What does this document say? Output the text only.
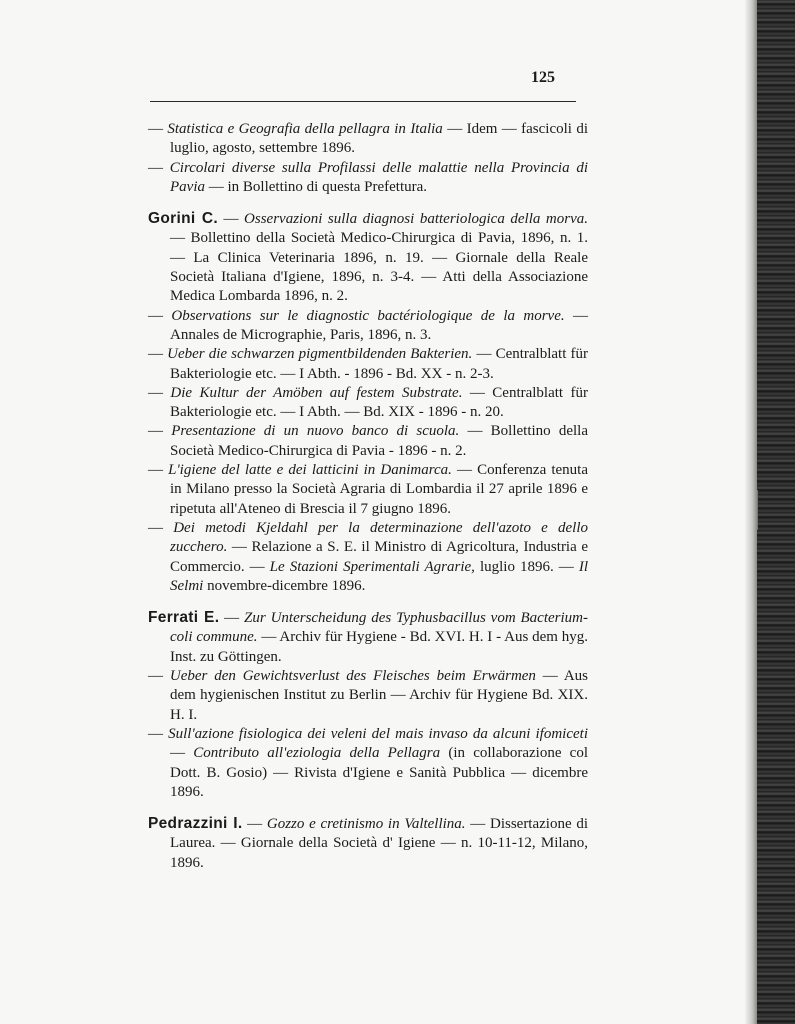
125

— Statistica e Geografia della pellagra in Italia — Idem — fascicoli di luglio, agosto, settembre 1896.

— Circolari diverse sulla Profilassi delle malattie nella Provincia di Pavia — in Bollettino di questa Prefettura.

Gorini C. — Osservazioni sulla diagnosi batteriologica della morva. — Bollettino della Società Medico-Chirurgica di Pavia, 1896, n. 1. — La Clinica Veterinaria 1896, n. 19. — Giornale della Reale Società Italiana d'Igiene, 1896, n. 3-4. — Atti della Associazione Medica Lombarda 1896, n. 2.

— Observations sur le diagnostic bactériologique de la morve. — Annales de Micrographie, Paris, 1896, n. 3.

— Ueber die schwarzen pigmentbildenden Bakterien. — Centralblatt für Bakteriologie etc. — I Abth. - 1896 - Bd. XX - n. 2-3.

— Die Kultur der Amöben auf festem Substrate. — Centralblatt für Bakteriologie etc. — I Abth. — Bd. XIX - 1896 - n. 20.

— Presentazione di un nuovo banco di scuola. — Bollettino della Società Medico-Chirurgica di Pavia - 1896 - n. 2.

— L'igiene del latte e dei latticini in Danimarca. — Conferenza tenuta in Milano presso la Società Agraria di Lombardia il 27 aprile 1896 e ripetuta all'Ateneo di Brescia il 7 giugno 1896.

— Dei metodi Kjeldahl per la determinazione dell'azoto e dello zucchero. — Relazione a S. E. il Ministro di Agricoltura, Industria e Commercio. — Le Stazioni Sperimentali Agrarie, luglio 1896. — Il Selmi novembre-dicembre 1896.

Ferrati E. — Zur Unterscheidung des Typhusbacillus vom Bacterium-coli commune. — Archiv für Hygiene - Bd. XVI. H. I - Aus dem hyg. Inst. zu Göttingen.

— Ueber den Gewichtsverlust des Fleisches beim Erwärmen — Aus dem hygienischen Institut zu Berlin — Archiv für Hygiene Bd. XIX. H. I.

— Sull'azione fisiologica dei veleni del mais invaso da alcuni ifomiceti — Contributo all'eziologia della Pellagra (in collaborazione col Dott. B. Gosio) — Rivista d'Igiene e Sanità Pubblica — dicembre 1896.

Pedrazzini I. — Gozzo e cretinismo in Valtellina. — Dissertazione di Laurea. — Giornale della Società d' Igiene — n. 10-11-12, Milano, 1896.
